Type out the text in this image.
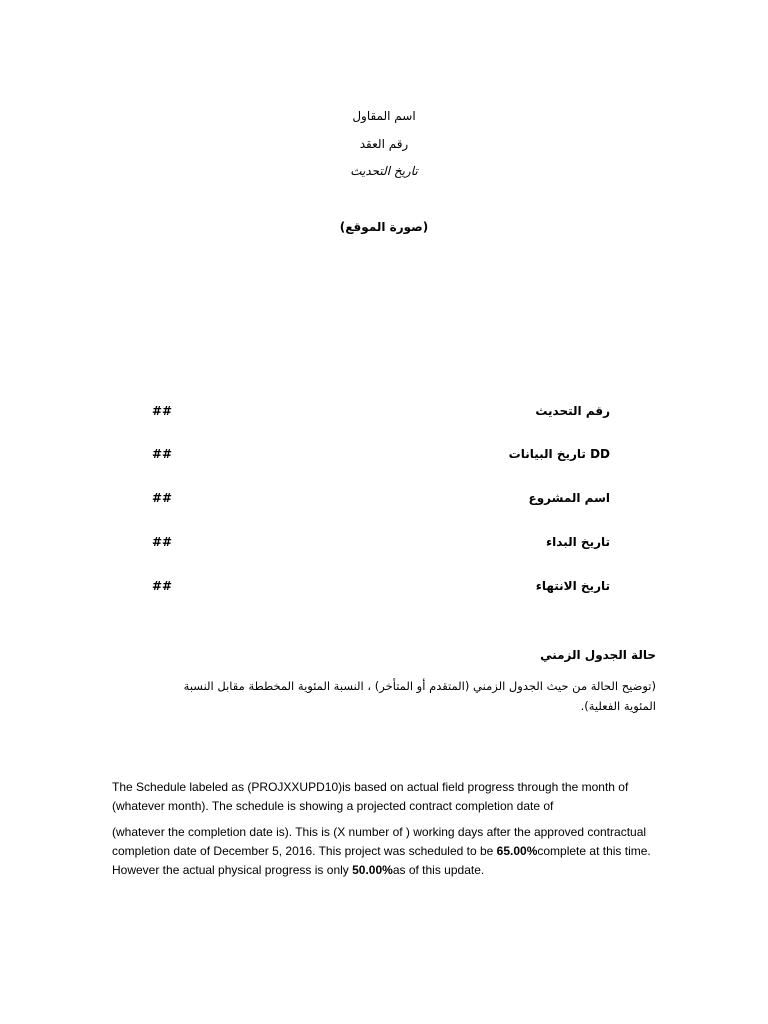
اسم المقاول
رقم العقد
تاريخ التحديث
(صورة الموقع)
رقم التحديث
##
DD تاريخ البيانات
##
اسم المشروع
##
تاريخ البداء
##
تاريخ الانتهاء
##
حالة الجدول الزمني
(توضيح الحالة من حيث الجدول الزمني (المتقدم أو المتأخر) ، النسبة المئوية المخططة مقابل النسبة المئوية الفعلية).
The Schedule labeled as (PROJXXUPD10)is based on actual field progress through the month of (whatever month). The schedule is showing a projected contract completion date of
(whatever the completion date is). This is (X number of ) working days after the approved contractual completion date of December 5, 2016. This project was scheduled to be 65.00%complete at this time. However the actual physical progress is only 50.00%as of this update.
